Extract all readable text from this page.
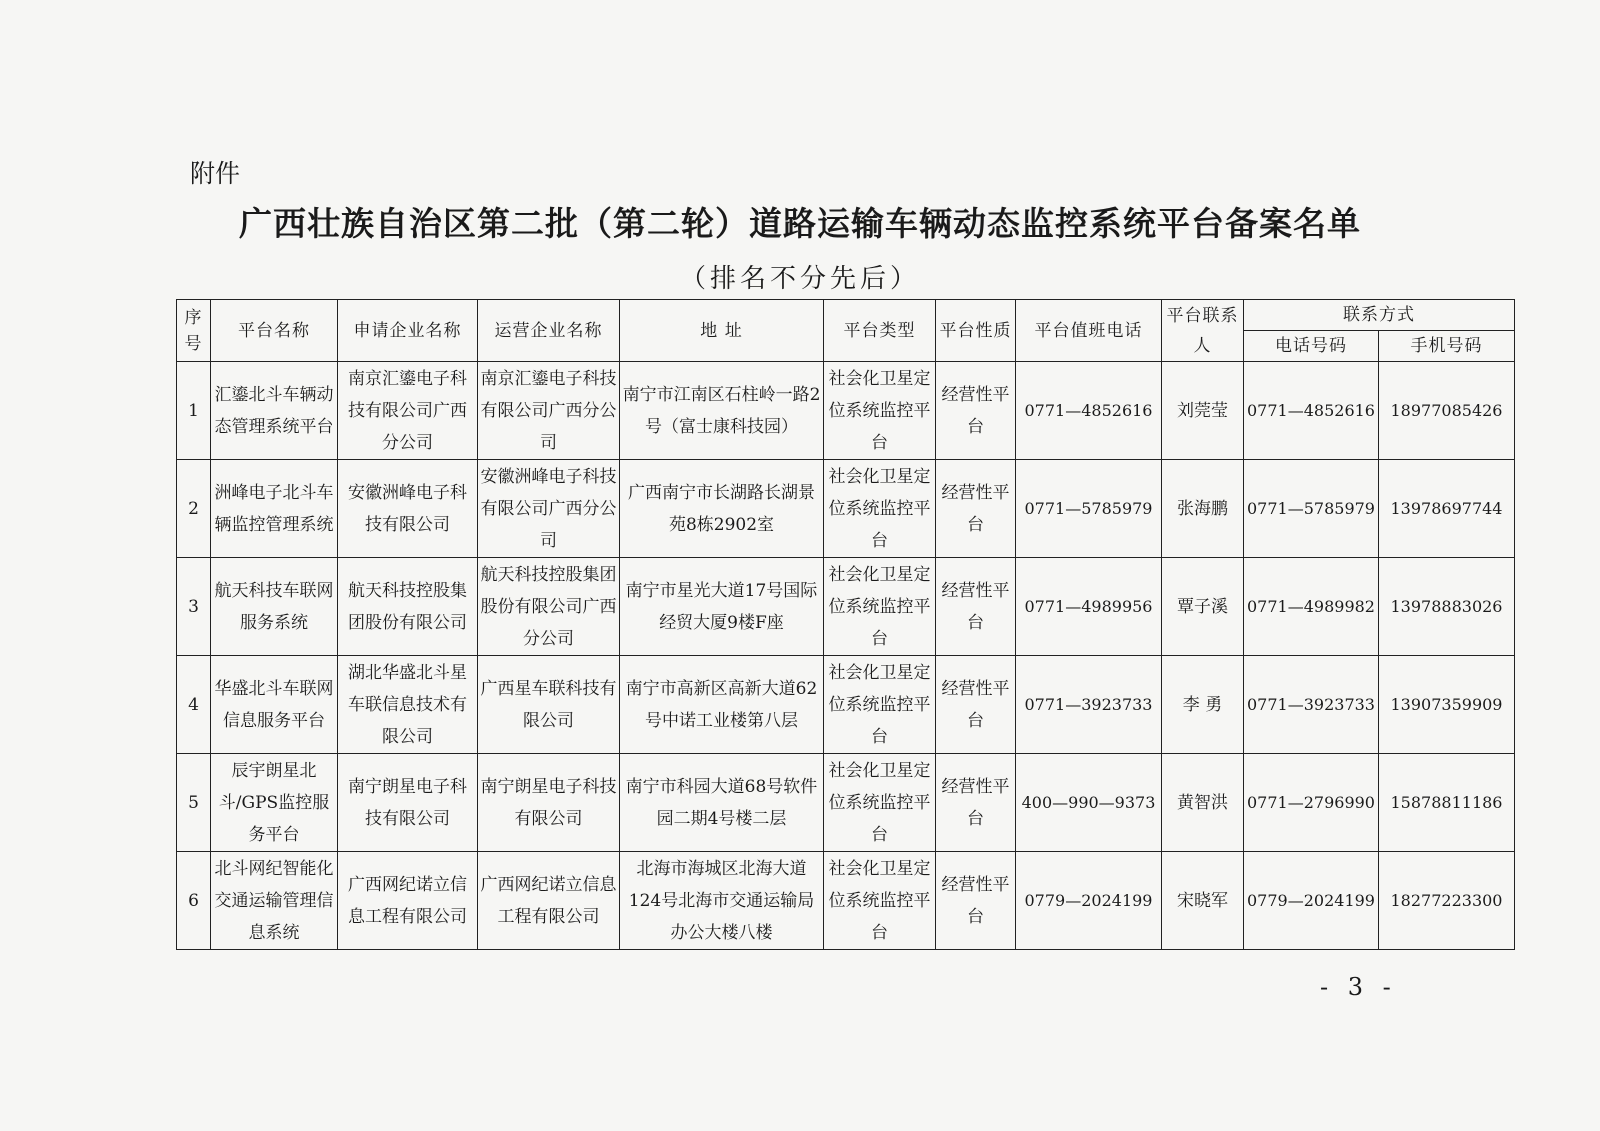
附件
广西壮族自治区第二批（第二轮）道路运输车辆动态监控系统平台备案名单
（排名不分先后）
序号	平台名称	申请企业名称	运营企业名称	地 址	平台类型	平台性质	平台值班电话	平台联系人	联系方式	
									电话号码	手机号码
1	汇鎏北斗车辆动态管理系统平台	南京汇鎏电子科技有限公司广西分公司	南京汇鎏电子科技有限公司广西分公司	南宁市江南区石柱岭一路2号（富士康科技园）	社会化卫星定位系统监控平台	经营性平台	0771—4852616	刘莞莹	0771—4852616	18977085426
2	洲峰电子北斗车辆监控管理系统	安徽洲峰电子科技有限公司	安徽洲峰电子科技有限公司广西分公司	广西南宁市长湖路长湖景苑8栋2902室	社会化卫星定位系统监控平台	经营性平台	0771—5785979	张海鹏	0771—5785979	13978697744
3	航天科技车联网服务系统	航天科技控股集团股份有限公司	航天科技控股集团股份有限公司广西分公司	南宁市星光大道17号国际经贸大厦9楼F座	社会化卫星定位系统监控平台	经营性平台	0771—4989956	覃子溪	0771—4989982	13978883026
4	华盛北斗车联网信息服务平台	湖北华盛北斗星车联信息技术有限公司	广西星车联科技有限公司	南宁市高新区高新大道62号中诺工业楼第八层	社会化卫星定位系统监控平台	经营性平台	0771—3923733	李 勇	0771—3923733	13907359909
5	辰宇朗星北斗/GPS监控服务平台	南宁朗星电子科技有限公司	南宁朗星电子科技有限公司	南宁市科园大道68号软件园二期4号楼二层	社会化卫星定位系统监控平台	经营性平台	400—990—9373	黄智洪	0771—2796990	15878811186
6	北斗网纪智能化交通运输管理信息系统	广西网纪诺立信息工程有限公司	广西网纪诺立信息工程有限公司	北海市海城区北海大道124号北海市交通运输局办公大楼八楼	社会化卫星定位系统监控平台	经营性平台	0779—2024199	宋晓军	0779—2024199	18277223300
- 3 -
